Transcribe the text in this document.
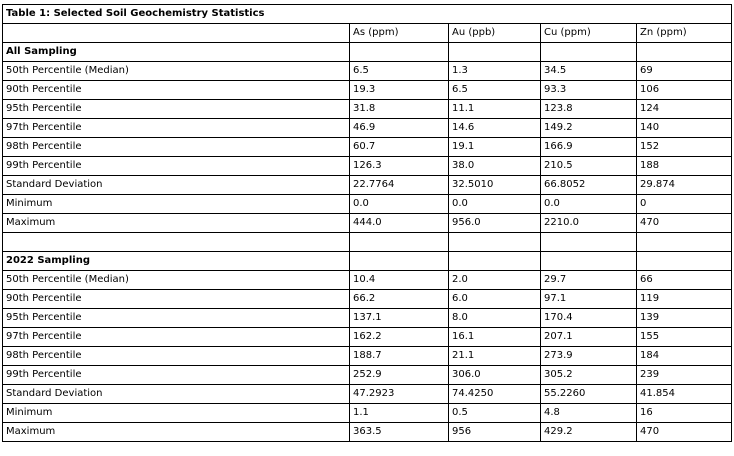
Table 1: Selected Soil Geochemistry Statistics				
	As (ppm)	Au (ppb)	Cu (ppm)	Zn (ppm)
All Sampling				
50th Percentile (Median)	6.5	1.3	34.5	69
90th Percentile	19.3	6.5	93.3	106
95th Percentile	31.8	11.1	123.8	124
97th Percentile	46.9	14.6	149.2	140
98th Percentile	60.7	19.1	166.9	152
99th Percentile	126.3	38.0	210.5	188
Standard Deviation	22.7764	32.5010	66.8052	29.874
Minimum	0.0	0.0	0.0	0
Maximum	444.0	956.0	2210.0	470

2022 Sampling				
50th Percentile (Median)	10.4	2.0	29.7	66
90th Percentile	66.2	6.0	97.1	119
95th Percentile	137.1	8.0	170.4	139
97th Percentile	162.2	16.1	207.1	155
98th Percentile	188.7	21.1	273.9	184
99th Percentile	252.9	306.0	305.2	239
Standard Deviation	47.2923	74.4250	55.2260	41.854
Minimum	1.1	0.5	4.8	16
Maximum	363.5	956	429.2	470
